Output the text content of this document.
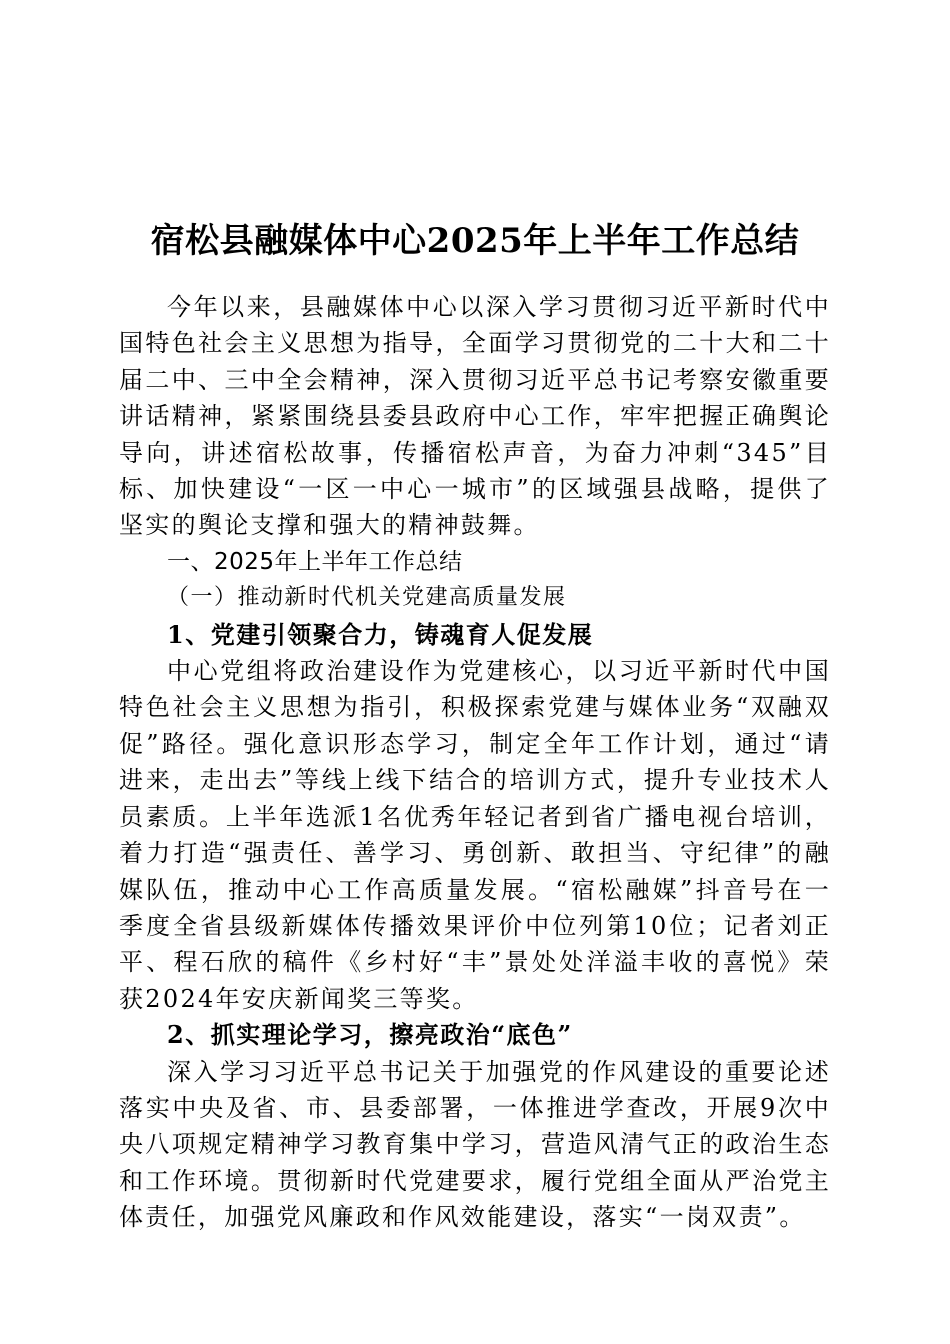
宿松县融媒体中心2025年上半年工作总结

今年以来，县融媒体中心以深入学习贯彻习近平新时代中国特色社会主义思想为指导，全面学习贯彻党的二十大和二十届二中、三中全会精神，深入贯彻习近平总书记考察安徽重要讲话精神，紧紧围绕县委县政府中心工作，牢牢把握正确舆论导向，讲述宿松故事，传播宿松声音，为奋力冲刺“345”目标、加快建设“一区一中心一城市”的区域强县战略，提供了坚实的舆论支撑和强大的精神鼓舞。

一、2025年上半年工作总结

（一）推动新时代机关党建高质量发展

1、党建引领聚合力，铸魂育人促发展

中心党组将政治建设作为党建核心，以习近平新时代中国特色社会主义思想为指引，积极探索党建与媒体业务“双融双促”路径。强化意识形态学习，制定全年工作计划，通过“请进来，走出去”等线上线下结合的培训方式，提升专业技术人员素质。上半年选派1名优秀年轻记者到省广播电视台培训，着力打造“强责任、善学习、勇创新、敢担当、守纪律”的融媒队伍，推动中心工作高质量发展。“宿松融媒”抖音号在一季度全省县级新媒体传播效果评价中位列第10位；记者刘正平、程石欣的稿件《乡村好“丰”景处处洋溢丰收的喜悦》荣获2024年安庆新闻奖三等奖。

2、抓实理论学习，擦亮政治“底色”

深入学习习近平总书记关于加强党的作风建设的重要论述落实中央及省、市、县委部署，一体推进学查改，开展9次中央八项规定精神学习教育集中学习，营造风清气正的政治生态和工作环境。贯彻新时代党建要求，履行党组全面从严治党主体责任，加强党风廉政和作风效能建设，落实“一岗双责”。
